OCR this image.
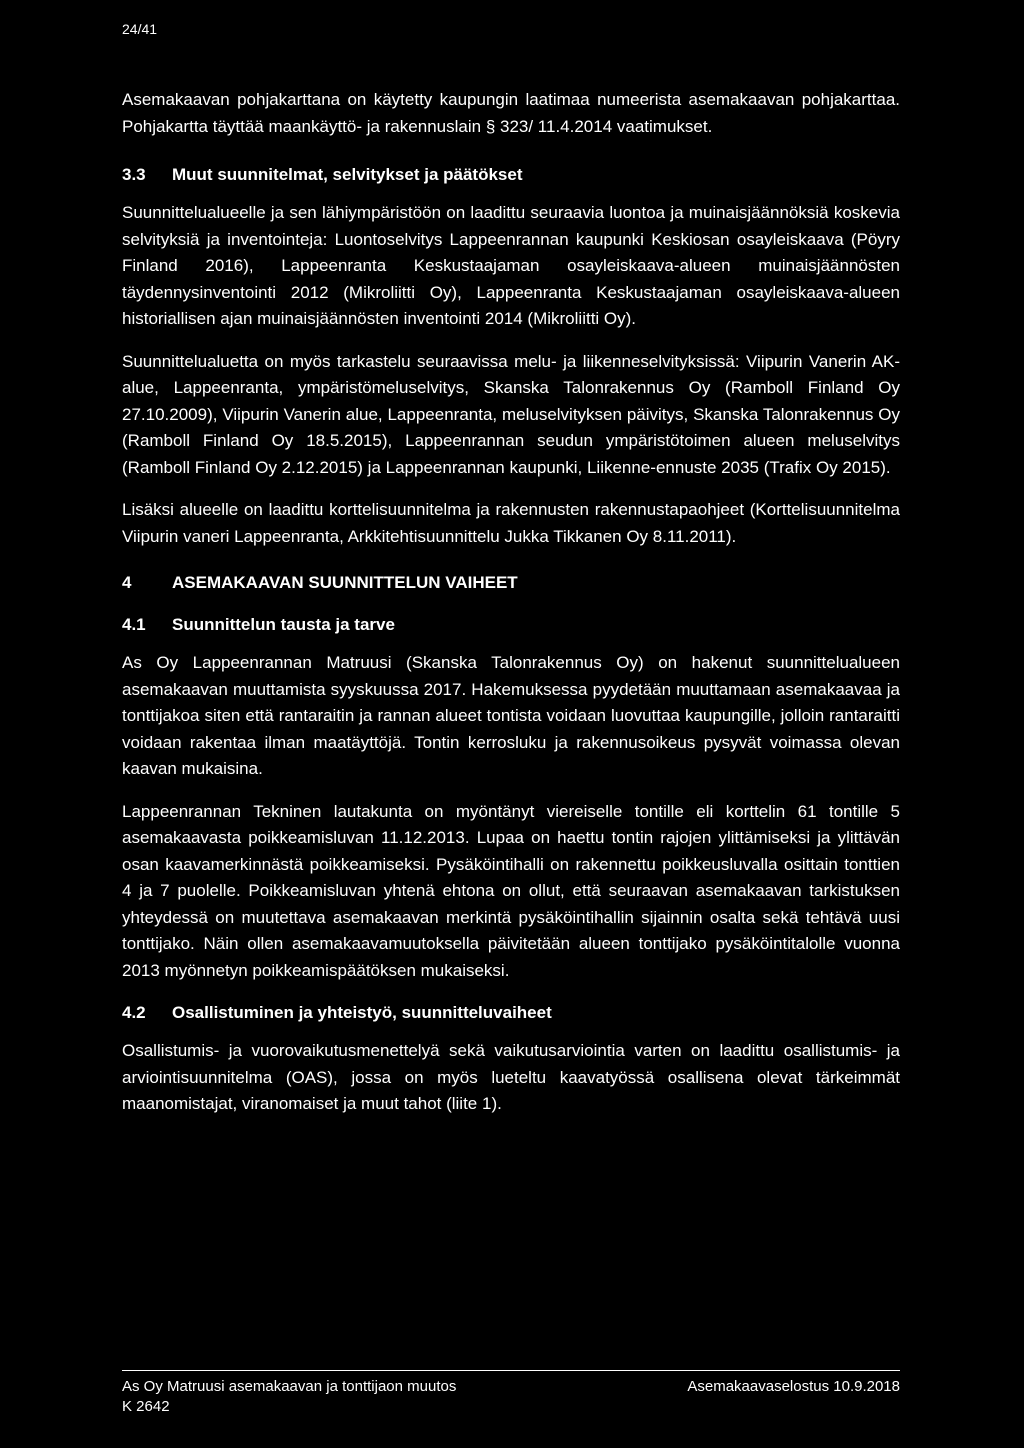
24/41

Asemakaavan pohjakarttana on käytetty kaupungin laatimaa numeerista asemakaavan pohjakarttaa. Pohjakartta täyttää maankäyttö- ja rakennuslain § 323/ 11.4.2014 vaatimukset.

3.3	Muut suunnitelmat, selvitykset ja päätökset

Suunnittelualueelle ja sen lähiympäristöön on laadittu seuraavia luontoa ja muinaisjäännöksiä koskevia selvityksiä ja inventointeja: Luontoselvitys Lappeenrannan kaupunki Keskiosan osayleiskaava (Pöyry Finland 2016), Lappeenranta Keskustaajaman osayleiskaava-alueen muinaisjäännösten täydennysinventointi 2012 (Mikroliitti Oy), Lappeenranta Keskustaajaman osayleiskaava-alueen historiallisen ajan muinaisjäännösten inventointi 2014 (Mikroliitti Oy).

Suunnittelualuetta on myös tarkastelu seuraavissa melu- ja liikenneselvityksissä: Viipurin Vanerin AK-alue, Lappeenranta, ympäristömeluselvitys, Skanska Talonrakennus Oy (Ramboll Finland Oy 27.10.2009), Viipurin Vanerin alue, Lappeenranta, meluselvityksen päivitys, Skanska Talonrakennus Oy (Ramboll Finland Oy 18.5.2015), Lappeenrannan seudun ympäristötoimen alueen meluselvitys (Ramboll Finland Oy 2.12.2015) ja Lappeenrannan kaupunki, Liikenne-ennuste 2035 (Trafix Oy 2015).

Lisäksi alueelle on laadittu korttelisuunnitelma ja rakennusten rakennustapaohjeet (Korttelisuunnitelma Viipurin vaneri Lappeenranta, Arkkitehtisuunnittelu Jukka Tikkanen Oy 8.11.2011).

4	ASEMAKAAVAN SUUNNITTELUN VAIHEET
4.1	Suunnittelun tausta ja tarve

As Oy Lappeenrannan Matruusi (Skanska Talonrakennus Oy) on hakenut suunnittelualueen asemakaavan muuttamista syyskuussa 2017. Hakemuksessa pyydetään muuttamaan asemakaavaa ja tonttijakoa siten että rantaraitin ja rannan alueet tontista voidaan luovuttaa kaupungille, jolloin rantaraitti voidaan rakentaa ilman maatäyttöjä. Tontin kerrosluku ja rakennusoikeus pysyvät voimassa olevan kaavan mukaisina.

Lappeenrannan Tekninen lautakunta on myöntänyt viereiselle tontille eli korttelin 61 tontille 5 asemakaavasta poikkeamisluvan 11.12.2013. Lupaa on haettu tontin rajojen ylittämiseksi ja ylittävän osan kaavamerkinnästä poikkeamiseksi. Pysäköintihalli on rakennettu poikkeusluvalla osittain tonttien 4 ja 7 puolelle. Poikkeamisluvan yhtenä ehtona on ollut, että seuraavan asemakaavan tarkistuksen yhteydessä on muutettava asemakaavan merkintä pysäköintihallin sijainnin osalta sekä tehtävä uusi tonttijako. Näin ollen asemakaavamuutoksella päivitetään alueen tonttijako pysäköintitalolle vuonna 2013 myönnetyn poikkeamispäätöksen mukaiseksi.

4.2	Osallistuminen ja yhteistyö, suunnitteluvaiheet

Osallistumis- ja vuorovaikutusmenettelyä sekä vaikutusarviointia varten on laadittu osallistumis- ja arviointisuunnitelma (OAS), jossa on myös lueteltu kaavatyössä osallisena olevat tärkeimmät maanomistajat, viranomaiset ja muut tahot (liite 1).

As Oy Matruusi asemakaavan ja tonttijaon muutos	Asemakaavaselostus 10.9.2018
K 2642
